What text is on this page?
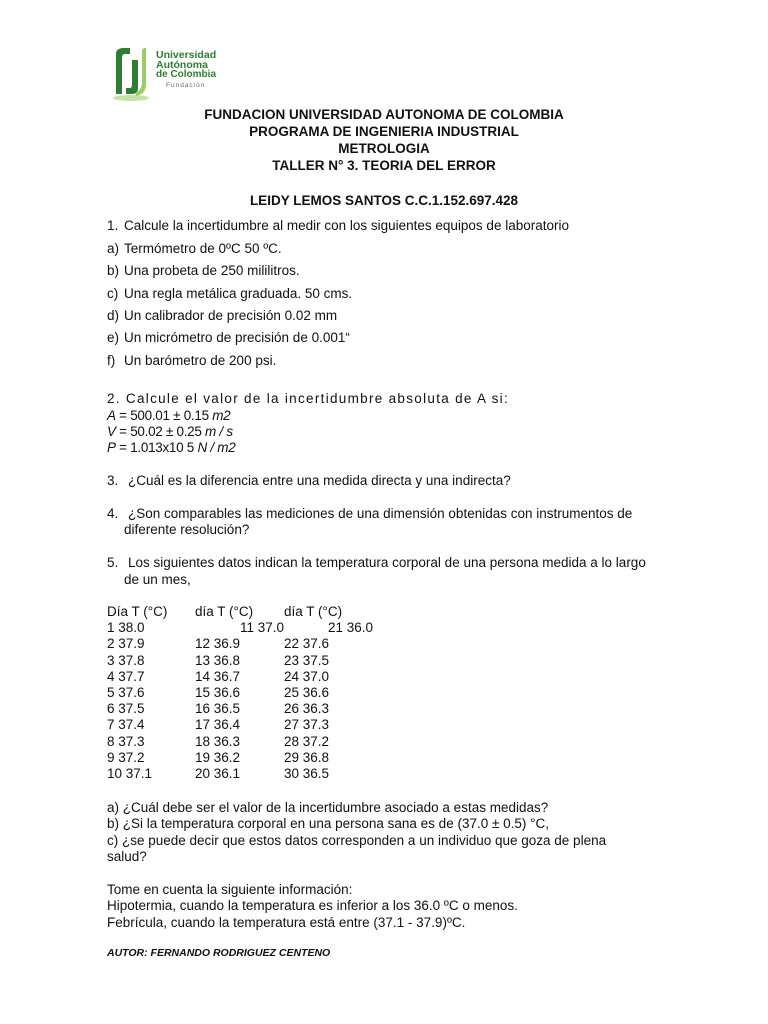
Universidad
Autónoma
de Colombia
Fundación
FUNDACION UNIVERSIDAD AUTONOMA DE COLOMBIA
PROGRAMA DE INGENIERIA INDUSTRIAL
METROLOGIA
TALLER N° 3. TEORIA DEL ERROR
LEIDY LEMOS SANTOS C.C.1.152.697.428
1. Calcule la incertidumbre al medir con los siguientes equipos de laboratorio
a) Termómetro de 0ºC 50 ºC.
b) Una probeta de 250 mililitros.
c) Una regla metálica graduada. 50 cms.
d) Un calibrador de precisión 0.02 mm
e) Un micrómetro de precisión de 0.001“
f) Un barómetro de 200 psi.
2. Calcule el valor de la incertidumbre absoluta de A si:
A = 500.01 ± 0.15 m2
V = 50.02 ± 0.25 m / s
P = 1.013x10 5 N / m2
3. ¿Cuál es la diferencia entre una medida directa y una indirecta?
4. ¿Son comparables las mediciones de una dimensión obtenidas con instrumentos de
diferente resolución?
5. Los siguientes datos indican la temperatura corporal de una persona medida a lo largo
de un mes,
Día T (°C) día T (°C) día T (°C)
1 38.0	11 37.0	21 36.0
2 37.9	12 36.9	22 37.6
3 37.8	13 36.8	23 37.5
4 37.7	14 36.7	24 37.0
5 37.6	15 36.6	25 36.6
6 37.5	16 36.5	26 36.3
7 37.4	17 36.4	27 37.3
8 37.3	18 36.3	28 37.2
9 37.2	19 36.2	29 36.8
10 37.1	20 36.1	30 36.5
a) ¿Cuál debe ser el valor de la incertidumbre asociado a estas medidas?
b) ¿Si la temperatura corporal en una persona sana es de (37.0 ± 0.5) °C,
c) ¿se puede decir que estos datos corresponden a un individuo que goza de plena
salud?
Tome en cuenta la siguiente información:
Hipotermia, cuando la temperatura es inferior a los 36.0 ºC o menos.
Febrícula, cuando la temperatura está entre (37.1 - 37.9)ºC.
AUTOR: FERNANDO RODRIGUEZ CENTENO
